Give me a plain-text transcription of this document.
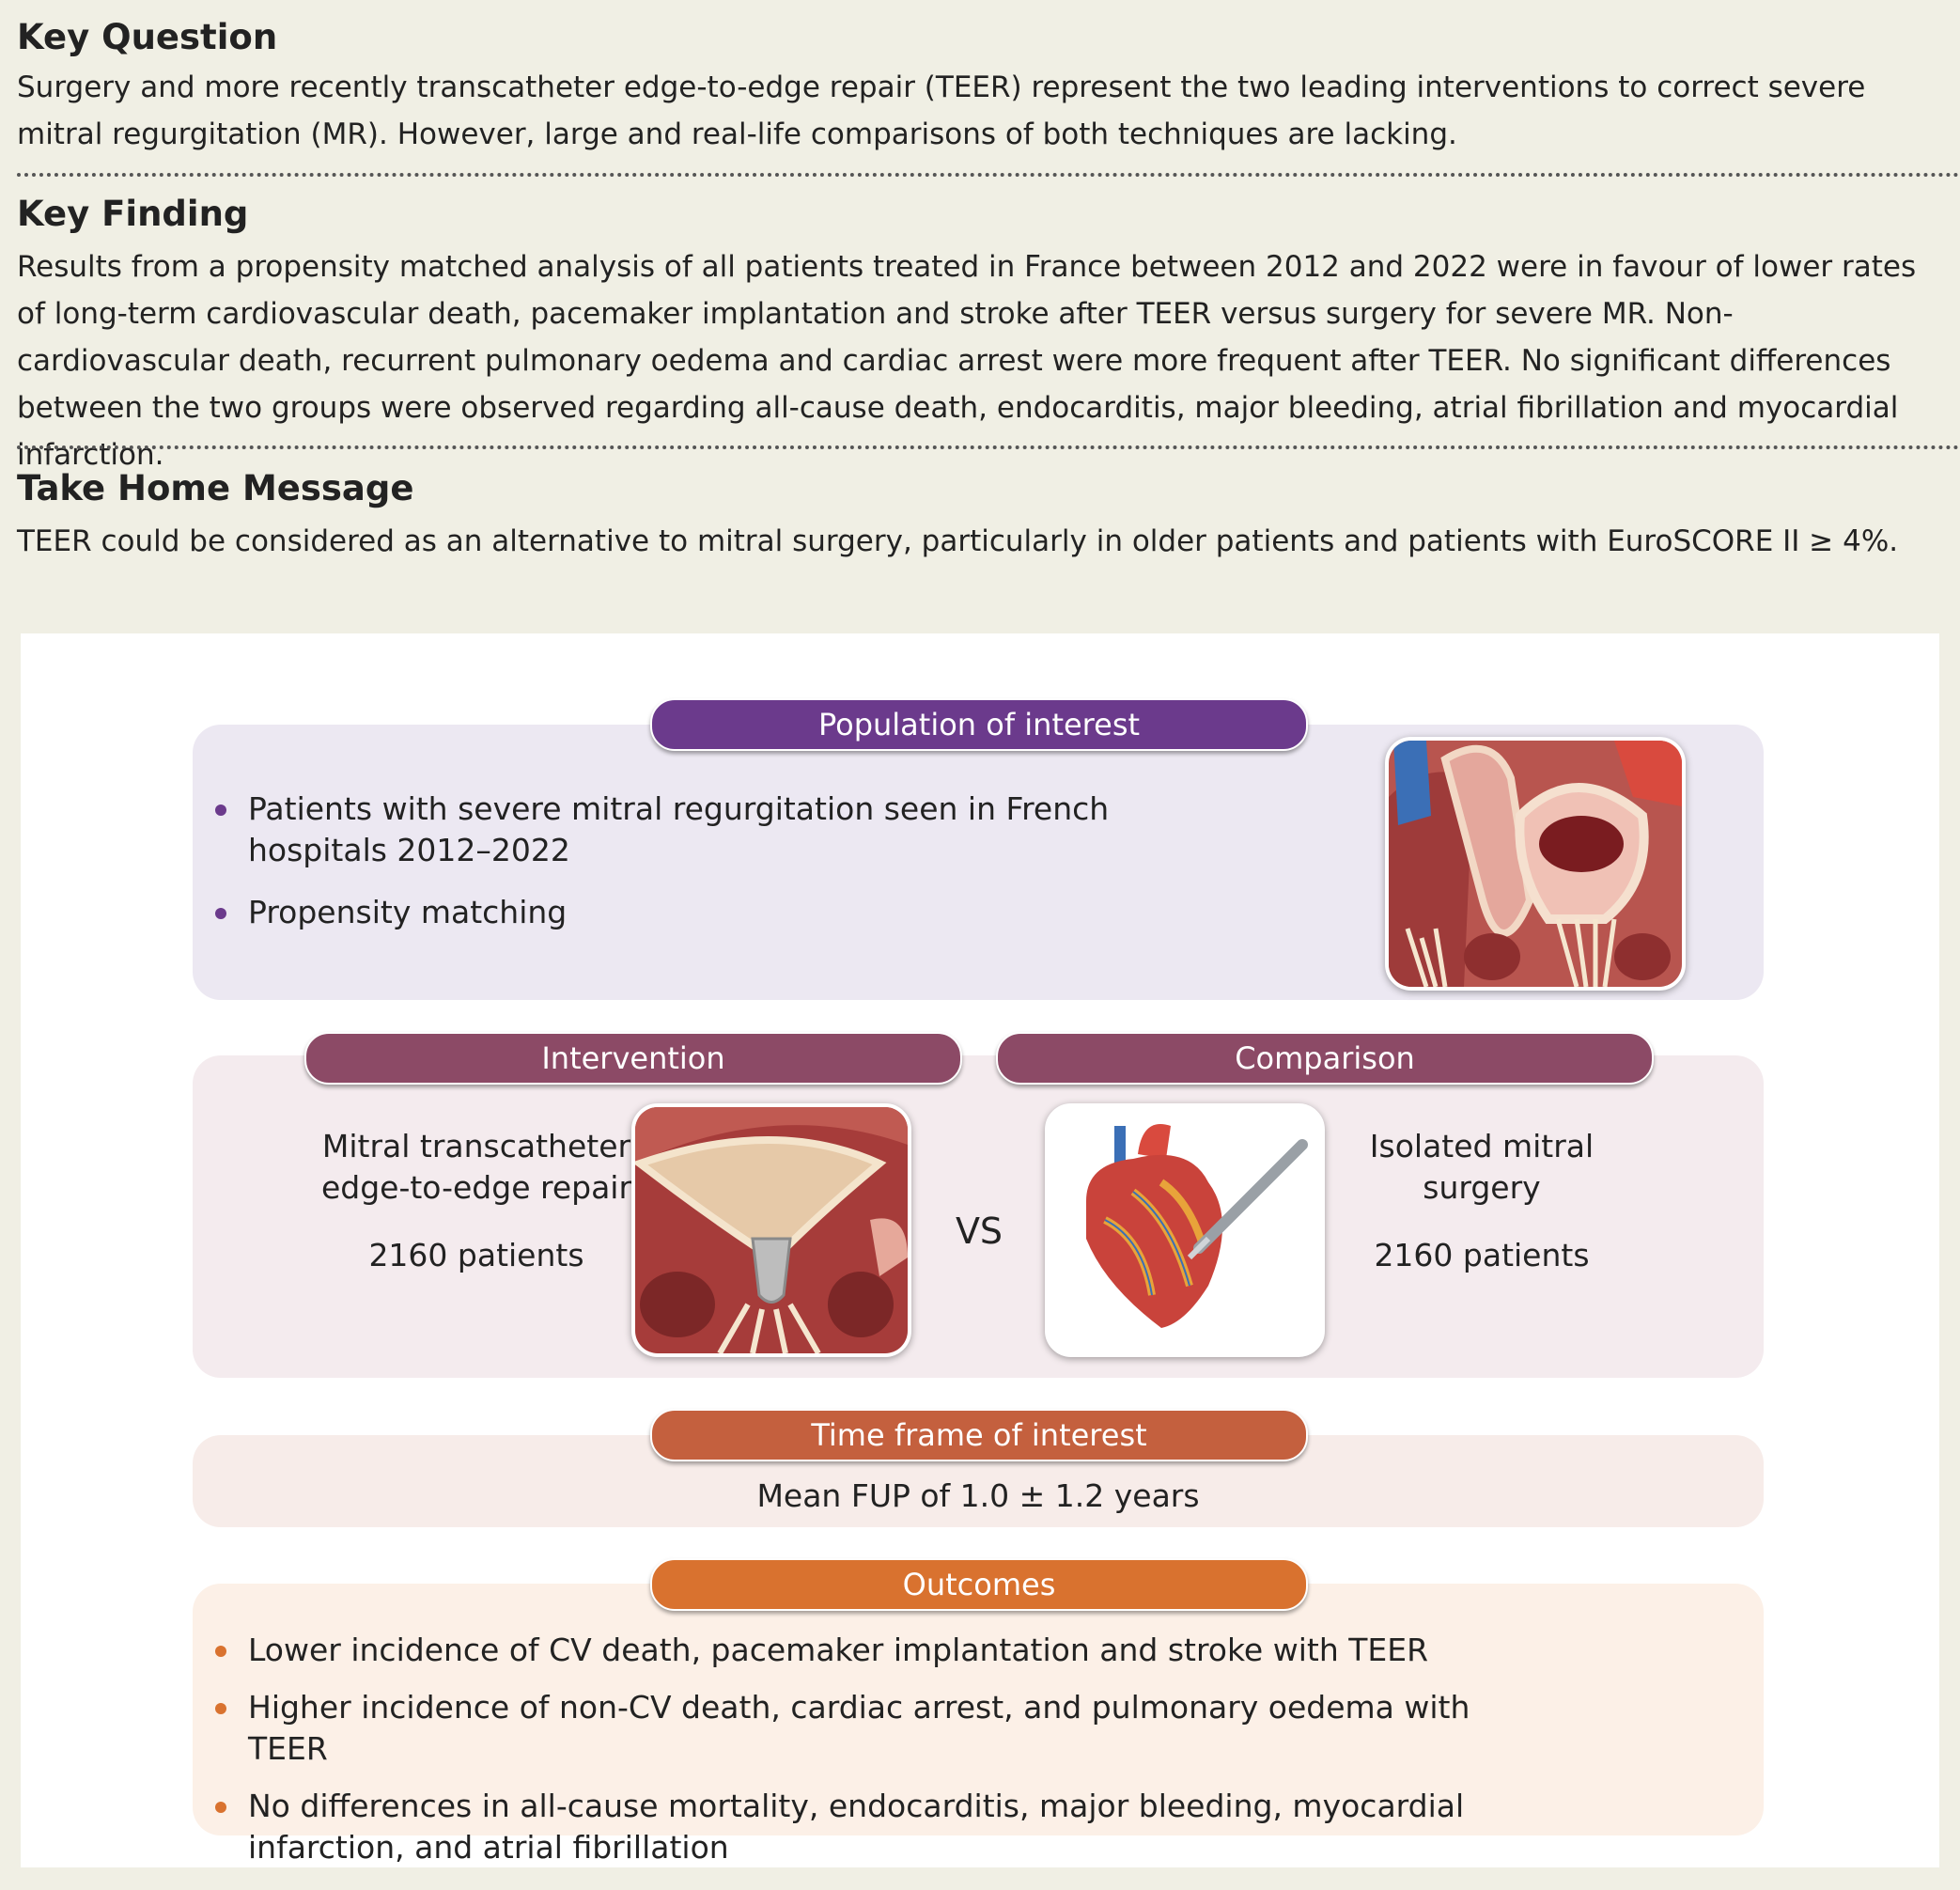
Key Question
Surgery and more recently transcatheter edge-to-edge repair (TEER) represent the two leading interventions to correct severe mitral regurgitation (MR). However, large and real-life comparisons of both techniques are lacking.
Key Finding
Results from a propensity matched analysis of all patients treated in France between 2012 and 2022 were in favour of lower rates of long-term cardiovascular death, pacemaker implantation and stroke after TEER versus surgery for severe MR. Non-cardiovascular death, recurrent pulmonary oedema and cardiac arrest were more frequent after TEER. No significant differences between the two groups were observed regarding all-cause death, endocarditis, major bleeding, atrial fibrillation and myocardial infarction.
Take Home Message
TEER could be considered as an alternative to mitral surgery, particularly in older patients and patients with EuroSCORE II ≥ 4%.
Population of interest
Patients with severe mitral regurgitation seen in French hospitals 2012–2022
Propensity matching
Intervention	Comparison
Mitral transcatheter edge-to-edge repair
2160 patients
VS
Isolated mitral surgery
2160 patients
Time frame of interest
Mean FUP of 1.0 ± 1.2 years
Outcomes
Lower incidence of CV death, pacemaker implantation and stroke with TEER
Higher incidence of non-CV death, cardiac arrest, and pulmonary oedema with TEER
No differences in all-cause mortality, endocarditis, major bleeding, myocardial infarction, and atrial fibrillation
